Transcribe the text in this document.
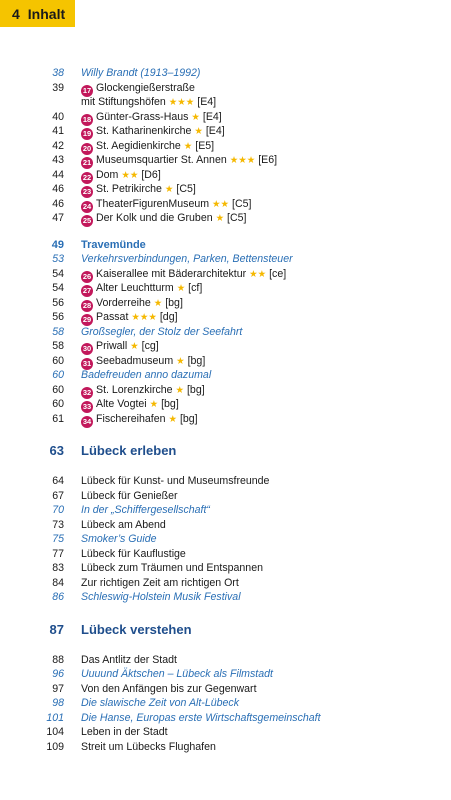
4 Inhalt
38 Willy Brandt (1913–1992)
39	17 Glockengießerstraße
mit Stiftungshöfen ★★★ [E4]
40	18 Günter-Grass-Haus ★ [E4]
41	19 St. Katharinenkirche ★ [E4]
42	20 St. Aegidienkirche ★ [E5]
43	21 Museumsquartier St. Annen ★★★ [E6]
44	22 Dom ★★ [D6]
46	23 St. Petrikirche ★ [C5]
46	24 TheaterFigurenMuseum ★★ [C5]
47	25 Der Kolk und die Gruben ★ [C5]
49 Travemünde
53 Verkehrsverbindungen, Parken, Bettensteuer
54	26 Kaiserallee mit Bäderarchitektur ★★ [ce]
54	27 Alter Leuchtturm ★ [cf]
56	28 Vorderreihe ★ [bg]
56	29 Passat ★★★ [dg]
58 Großsegler, der Stolz der Seefahrt
58	30 Priwall ★ [cg]
60	31 Seebadmuseum ★ [bg]
60 Badefreuden anno dazumal
60	32 St. Lorenzkirche ★ [bg]
60	33 Alte Vogtei ★ [bg]
61	34 Fischereihafen ★ [bg]
63 Lübeck erleben
64 Lübeck für Kunst- und Museumsfreunde
67 Lübeck für Genießer
70 In der „Schiffergesellschaft“
73 Lübeck am Abend
75 Smoker’s Guide
77 Lübeck für Kauflustige
83 Lübeck zum Träumen und Entspannen
84 Zur richtigen Zeit am richtigen Ort
86 Schleswig-Holstein Musik Festival
87 Lübeck verstehen
88 Das Antlitz der Stadt
96 Uuuund Äktschen – Lübeck als Filmstadt
97 Von den Anfängen bis zur Gegenwart
98 Die slawische Zeit von Alt-Lübeck
101 Die Hanse, Europas erste Wirtschaftsgemeinschaft
104 Leben in der Stadt
109 Streit um Lübecks Flughafen
